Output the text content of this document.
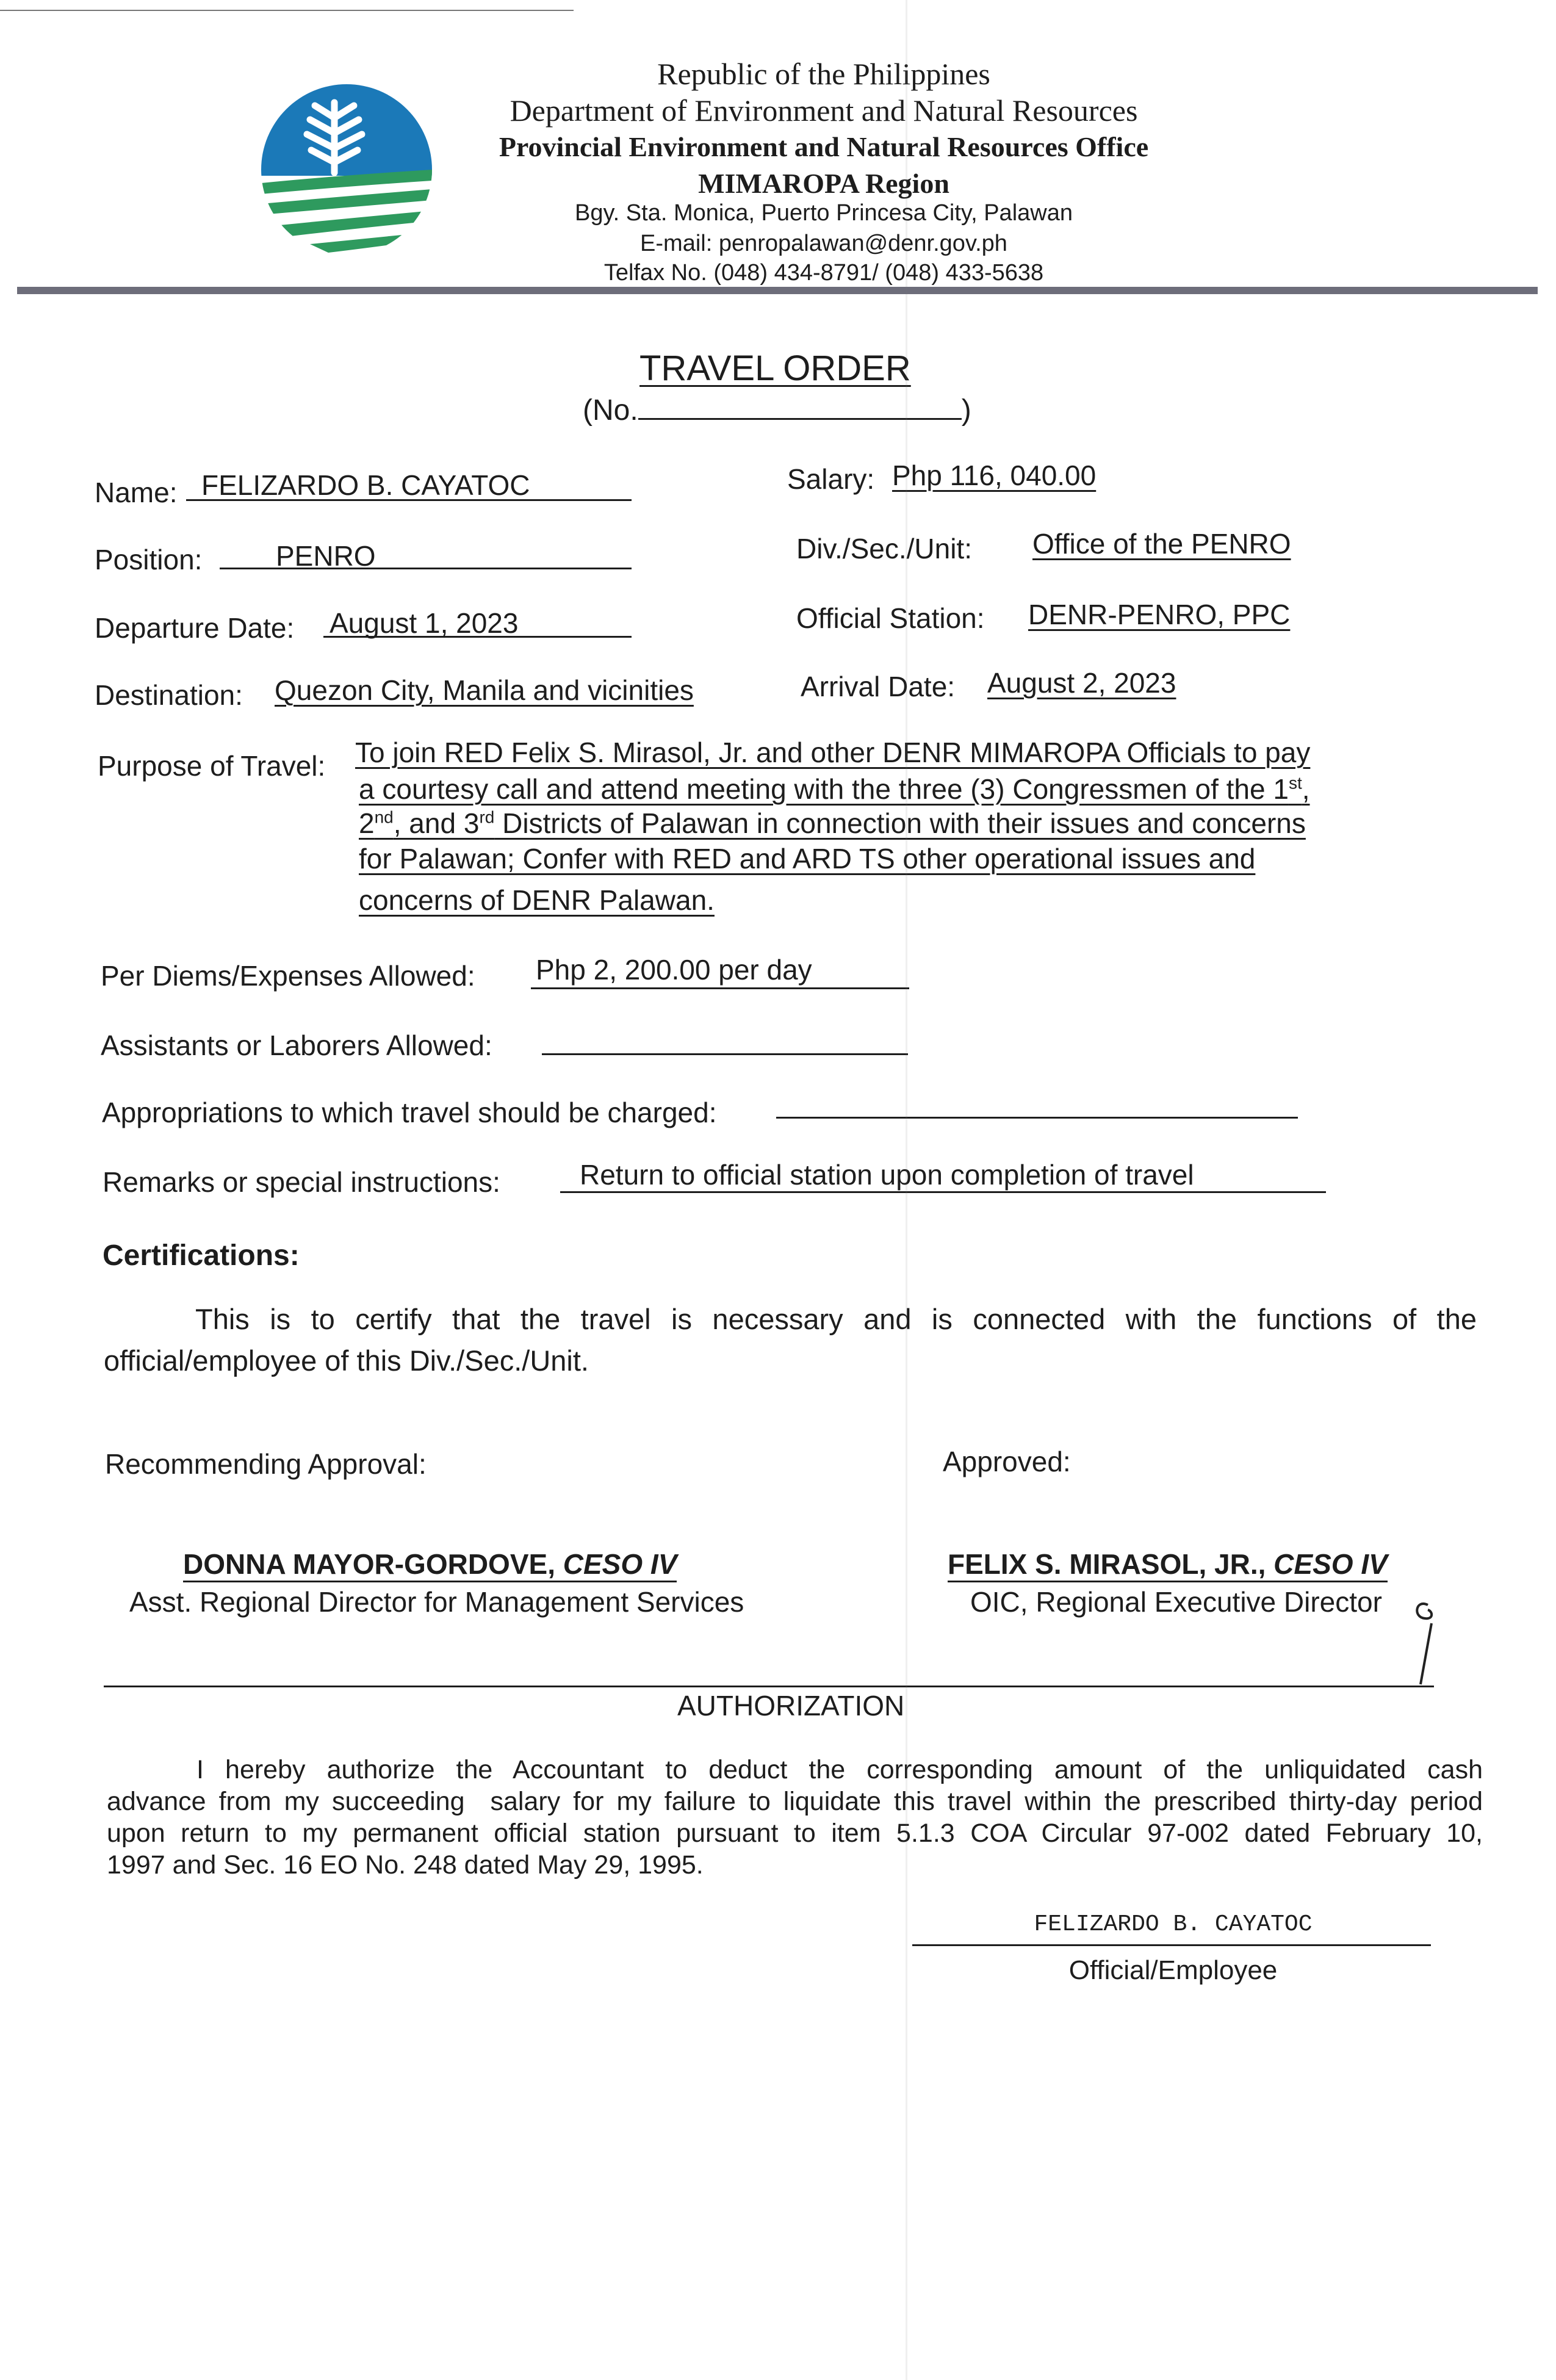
Republic of the Philippines
Department of Environment and Natural Resources
Provincial Environment and Natural Resources Office
MIMAROPA Region
Bgy. Sta. Monica, Puerto Princesa City, Palawan
E-mail: penropalawan@denr.gov.ph
Telfax No. (048) 434-8791/ (048) 433-5638
TRAVEL ORDER
(No.	)
Name: FELIZARDO B. CAYATOC
Position:	PENRO
Departure Date: August 1, 2023
Destination: Quezon City, Manila and vicinities
Salary: Php 116, 040.00
Div./Sec./Unit: Office of the PENRO
Official Station: DENR-PENRO, PPC
Arrival Date: August 2, 2023
Purpose of Travel: To join RED Felix S. Mirasol, Jr. and other DENR MIMAROPA Officials to pay
a courtesy call and attend meeting with the three (3) Congressmen of the 1st,
2nd, and 3rd Districts of Palawan in connection with their issues and concerns
for Palawan; Confer with RED and ARD TS other operational issues and
concerns of DENR Palawan.
Per Diems/Expenses Allowed: Php 2, 200.00 per day
Assistants or Laborers Allowed:
Appropriations to which travel should be charged:
Remarks or special instructions:	Return to official station upon completion of travel
Certifications:
This is to certify that the travel is necessary and is connected with the functions of the
official/employee of this Div./Sec./Unit.
Recommending Approval:	Approved:
DONNA MAYOR-GORDOVE, CESO IV
Asst. Regional Director for Management Services
FELIX S. MIRASOL, JR., CESO IV
OIC, Regional Executive Director
AUTHORIZATION
I hereby authorize the Accountant to deduct the corresponding amount of the unliquidated cash
advance from my succeeding  salary for my failure to liquidate this travel within the prescribed thirty-day period
upon return to my permanent official station pursuant to item 5.1.3 COA Circular 97-002 dated February 10,
1997 and Sec. 16 EO No. 248 dated May 29, 1995.
FELIZARDO B. CAYATOC
Official/Employee
